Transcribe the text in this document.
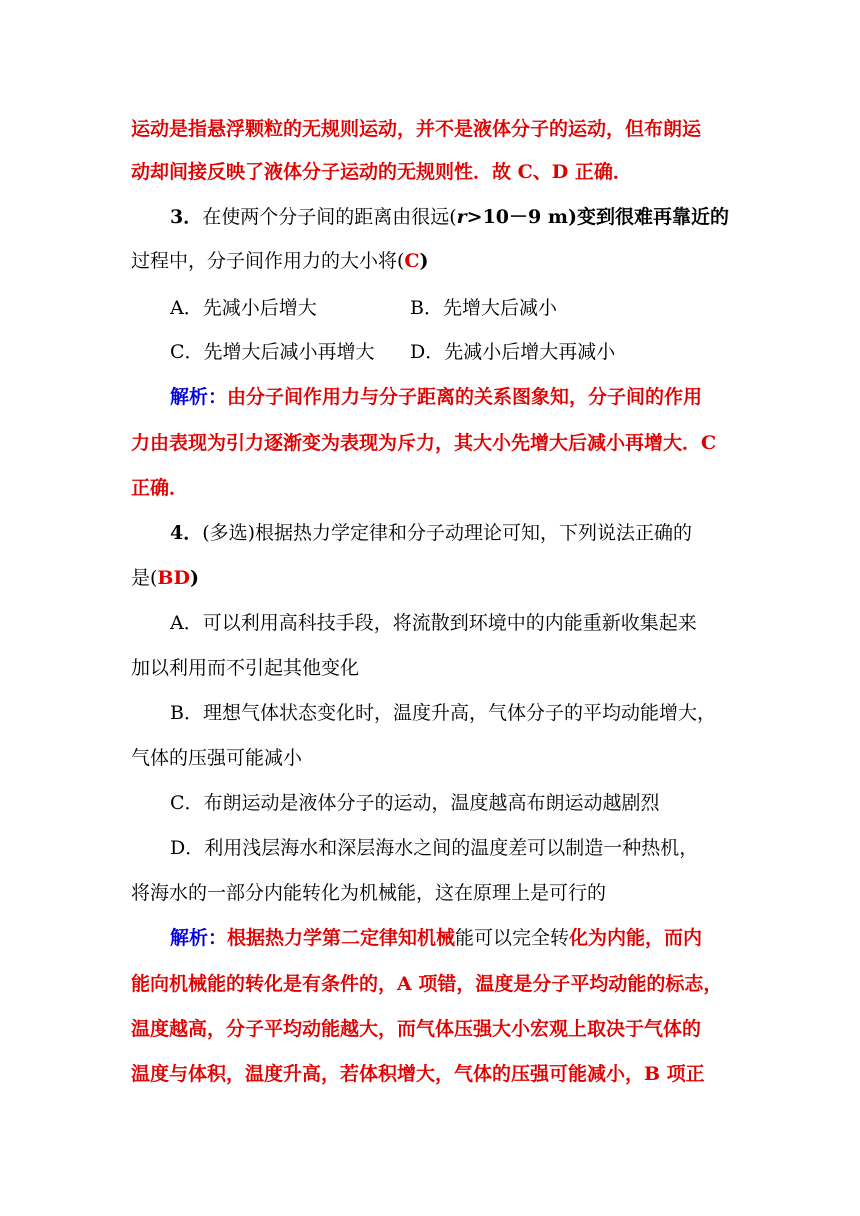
运动是指悬浮颗粒的无规则运动，并不是液体分子的运动，但布朗运
动却间接反映了液体分子运动的无规则性．故 C、D 正确．
3．在使两个分子间的距离由很远(r>10－9 m)变到很难再靠近的
过程中，分子间作用力的大小将(C)
A．先减小后增大	B．先增大后减小
C．先增大后减小再增大 D．先减小后增大再减小
解析：由分子间作用力与分子距离的关系图象知，分子间的作用
力由表现为引力逐渐变为表现为斥力，其大小先增大后减小再增大．C
正确．
4．(多选)根据热力学定律和分子动理论可知，下列说法正确的
是(BD)
A．可以利用高科技手段，将流散到环境中的内能重新收集起来
加以利用而不引起其他变化
B．理想气体状态变化时，温度升高，气体分子的平均动能增大，
气体的压强可能减小
C．布朗运动是液体分子的运动，温度越高布朗运动越剧烈
D．利用浅层海水和深层海水之间的温度差可以制造一种热机，
将海水的一部分内能转化为机械能，这在原理上是可行的
解析：根据热力学第二定律知机械能可以完全转化为内能，而内
能向机械能的转化是有条件的，A 项错，温度是分子平均动能的标志，
温度越高，分子平均动能越大，而气体压强大小宏观上取决于气体的
温度与体积，温度升高，若体积增大，气体的压强可能减小，B 项正
